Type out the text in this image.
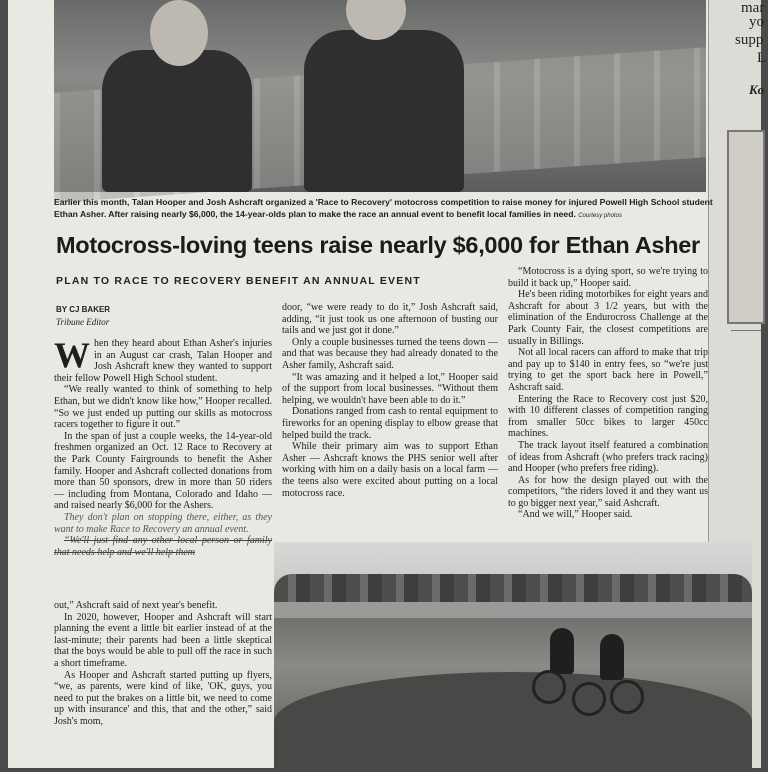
mar
yo
supp
L
Ko
Earlier this month, Talan Hooper and Josh Ashcraft organized a 'Race to Recovery' motocross competition to raise money for injured Powell High School student Ethan Asher. After raising nearly $6,000, the 14-year-olds plan to make the race an annual event to benefit local families in need. Courtesy photos
Motocross-loving teens raise nearly $6,000 for Ethan Asher
PLAN TO RACE TO RECOVERY BENEFIT AN ANNUAL EVENT
BY CJ BAKER
Tribune Editor

When they heard about Ethan Asher's injuries in an August car crash, Talan Hooper and Josh Ashcraft knew they wanted to support their fellow Powell High School student.

“We really wanted to think of something to help Ethan, but we didn't know like how,” Hooper recalled. “So we just ended up putting our skills as motocross racers together to figure it out.”

In the span of just a couple weeks, the 14-year-old freshmen organized an Oct. 12 Race to Recovery at the Park County Fairgrounds to benefit the Asher family. Hooper and Ashcraft collected donations from more than 50 sponsors, drew in more than 50 riders — including from Montana, Colorado and Idaho — and raised nearly $6,000 for the Ashers.

They don't plan on stopping there, either, as they want to make Race to Recovery an annual event.

“We'll just find any other local person or family that needs help and we'll help them

out,” Ashcraft said of next year's benefit.

In 2020, however, Hooper and Ashcraft will start planning the event a little bit earlier instead of at the last-minute; their parents had been a little skeptical that the boys would be able to pull off the race in such a short timeframe.

As Hooper and Ashcraft started putting up flyers, “we, as parents, were kind of like, 'OK, guys, you need to put the brakes on a little bit, we need to come up with insurance' and this, that and the other,” said Josh's mom,

door, “we were ready to do it,” Josh Ashcraft said, adding, “it just took us one afternoon of busting our tails and we just got it done.”

Only a couple businesses turned the teens down — and that was because they had already donated to the Asher family, Ashcraft said.

“It was amazing and it helped a lot,” Hooper said of the support from local businesses. “Without them helping, we wouldn't have been able to do it.”

Donations ranged from cash to rental equipment to fireworks for an opening display to elbow grease that helped build the track.

While their primary aim was to support Ethan Asher — Ashcraft knows the PHS senior well after working with him on a daily basis on a local farm — the teens also were excited about putting on a local motocross race.

“Motocross is a dying sport, so we're trying to build it back up,” Hooper said.

He's been riding motorbikes for eight years and Ashcraft for about 3 1/2 years, but with the elimination of the Endurocross Challenge at the Park County Fair, the closest competitions are usually in Billings.

Not all local racers can afford to make that trip and pay up to $140 in entry fees, so “we're just trying to get the sport back here in Powell,” Ashcraft said.

Entering the Race to Recovery cost just $20, with 10 different classes of competition ranging from smaller 50cc bikes to larger 450cc machines.

The track layout itself featured a combination of ideas from Ashcraft (who prefers track racing) and Hooper (who prefers free riding).

As for how the design played out with the competitors, “the riders loved it and they want us to go bigger next year,” said Ashcraft.

“And we will,” Hooper said.
